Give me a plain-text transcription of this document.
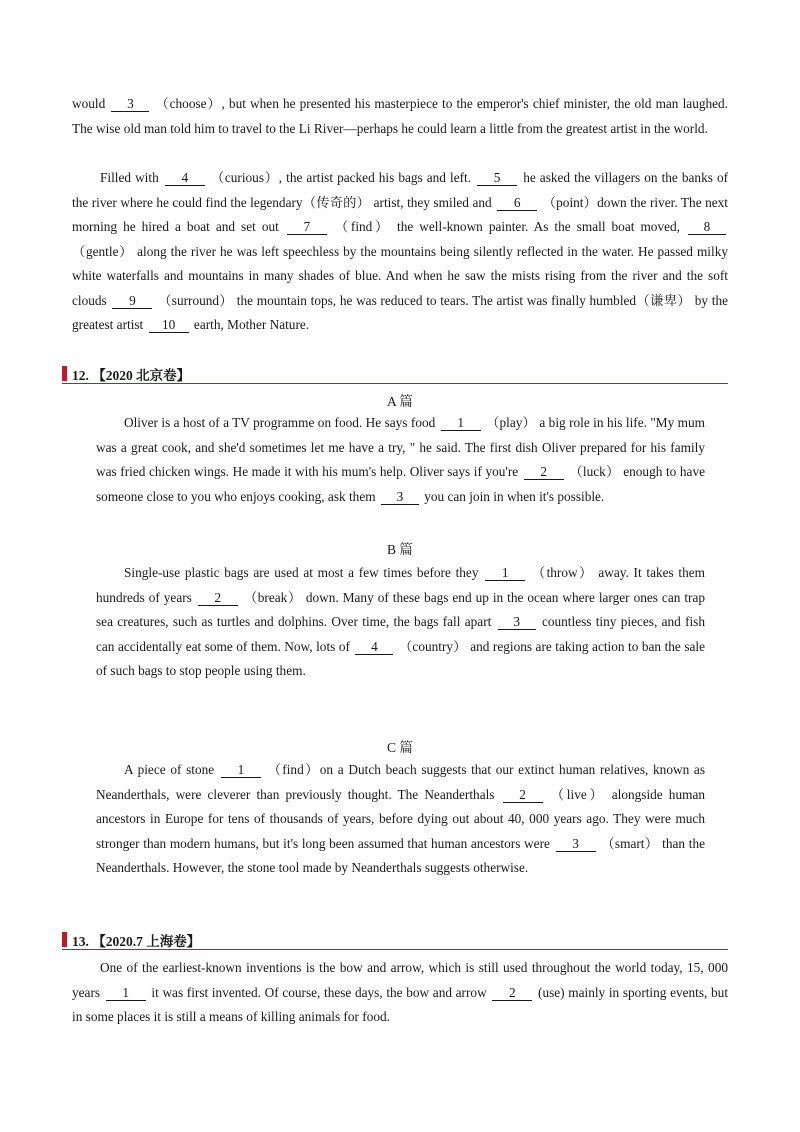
would 3 （choose）, but when he presented his masterpiece to the emperor's chief minister, the old man laughed. The wise old man told him to travel to the Li River—perhaps he could learn a little from the greatest artist in the world.
Filled with 4 （curious）, the artist packed his bags and left. 5 he asked the villagers on the banks of the river where he could find the legendary（传奇的） artist, they smiled and 6 （point）down the river. The next morning he hired a boat and set out 7 （find） the well-known painter. As the small boat moved, 8 （gentle） along the river he was left speechless by the mountains being silently reflected in the water. He passed milky white waterfalls and mountains in many shades of blue. And when he saw the mists rising from the river and the soft clouds 9 （surround） the mountain tops, he was reduced to tears. The artist was finally humbled（谦卑） by the greatest artist 10 earth, Mother Nature.
12. 【2020 北京卷】
A 篇
Oliver is a host of a TV programme on food. He says food 1 （play） a big role in his life. "My mum was a great cook, and she'd sometimes let me have a try, " he said. The first dish Oliver prepared for his family was fried chicken wings. He made it with his mum's help. Oliver says if you're 2 （luck） enough to have someone close to you who enjoys cooking, ask them 3 you can join in when it's possible.
B 篇
Single-use plastic bags are used at most a few times before they 1 （throw） away. It takes them hundreds of years 2 （break） down. Many of these bags end up in the ocean where larger ones can trap sea creatures, such as turtles and dolphins. Over time, the bags fall apart 3 countless tiny pieces, and fish can accidentally eat some of them. Now, lots of 4 （country） and regions are taking action to ban the sale of such bags to stop people using them.
C 篇
A piece of stone 1 （find）on a Dutch beach suggests that our extinct human relatives, known as Neanderthals, were cleverer than previously thought. The Neanderthals 2 （live） alongside human ancestors in Europe for tens of thousands of years, before dying out about 40, 000 years ago. They were much stronger than modern humans, but it's long been assumed that human ancestors were 3 （smart） than the Neanderthals. However, the stone tool made by Neanderthals suggests otherwise.
13. 【2020.7 上海卷】
One of the earliest-known inventions is the bow and arrow, which is still used throughout the world today, 15, 000 years 1 it was first invented. Of course, these days, the bow and arrow 2 (use) mainly in sporting events, but in some places it is still a means of killing animals for food.
